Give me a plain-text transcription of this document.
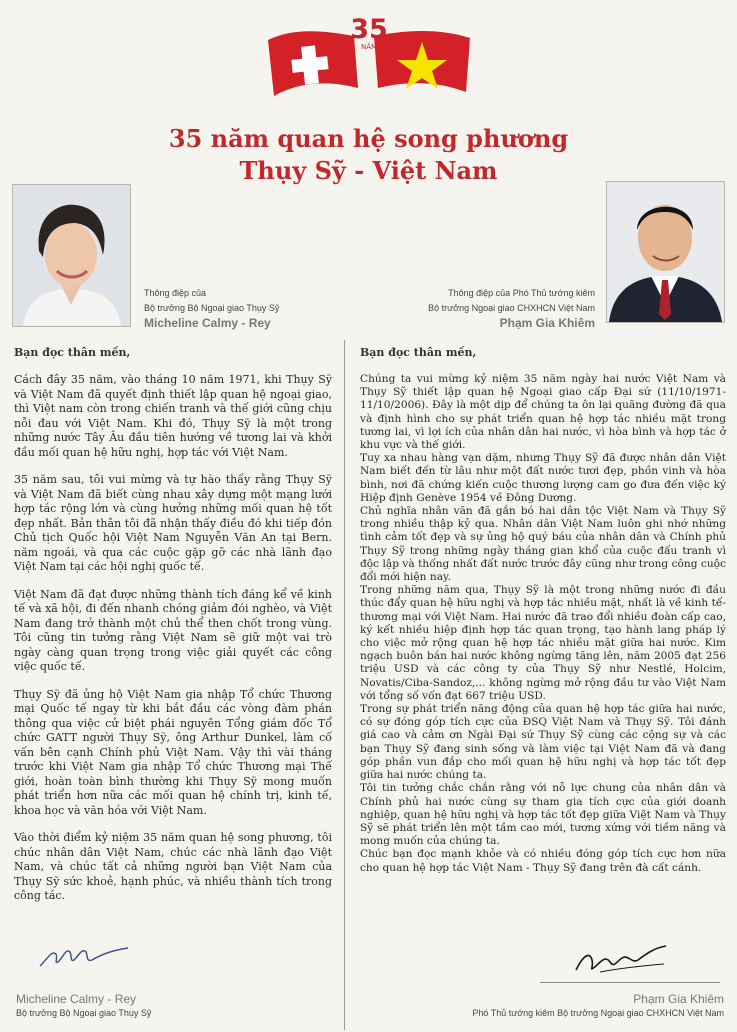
35
NĂM
35 năm quan hệ song phương
Thụy Sỹ - Việt Nam
Thông điệp của
Bộ trưởng Bộ Ngoại giao Thụy Sỹ
Micheline Calmy - Rey
Thông điệp của Phó Thủ tướng kiêm
Bộ trưởng Ngoại giao CHXHCN Việt Nam
Phạm Gia Khiêm
Bạn đọc thân mến,

Cách đây 35 năm, vào tháng 10 năm 1971, khi Thụy Sỹ và Việt Nam đã quyết định thiết lập quan hệ ngoại giao, thì Việt nam còn trong chiến tranh và thế giới cũng chịu nỗi đau với Việt Nam. Khi đó, Thụy Sỹ là một trong những nước Tây Âu đầu tiên hướng về tương lai và khởi đầu mối quan hệ hữu nghị, hợp tác với Việt Nam.

35 năm sau, tôi vui mừng và tự hào thấy rằng Thụy Sỹ và Việt Nam đã biết cùng nhau xây dựng một mạng lưới hợp tác rộng lớn và cùng hưởng những mối quan hệ tốt đẹp nhất. Bản thân tôi đã nhận thấy điều đó khi tiếp đón Chủ tịch Quốc hội Việt Nam Nguyễn Văn An tại Bern. năm ngoái, và qua các cuộc gặp gỡ các nhà lãnh đạo Việt Nam tại các hội nghị quốc tế.

Việt Nam đã đạt được những thành tích đáng kể về kinh tế và xã hội, đi đến nhanh chóng giảm đói nghèo, và Việt Nam đang trở thành một chủ thể then chốt trong vùng. Tôi cũng tin tưởng rằng Việt Nam sẽ giữ một vai trò ngày càng quan trọng trong việc giải quyết các công việc quốc tế.

Thụy Sỹ đã ủng hộ Việt Nam gia nhập Tổ chức Thương mại Quốc tế ngay từ khi bắt đầu các vòng đàm phán thông qua việc cử biệt phái nguyên Tổng giám đốc Tổ chức GATT người Thụy Sỹ, ông Arthur Dunkel, làm cố vấn bên cạnh Chính phủ Việt Nam. Vậy thì vài tháng trước khi Việt Nam gia nhập Tổ chức Thương mại Thế giới, hoàn toàn bình thường khi Thụy Sỹ mong muốn phát triển hơn nữa các mối quan hệ chính trị, kinh tế, khoa học và văn hóa với Việt Nam.

Vào thời điểm kỷ niệm 35 năm quan hệ song phương, tôi chúc nhân dân Việt Nam, chúc các nhà lãnh đạo Việt Nam, và chúc tất cả những người bạn Việt Nam của Thụy Sỹ sức khoẻ, hạnh phúc, và nhiều thành tích trong công tác.

Bạn đọc thân mến,

Chúng ta vui mừng kỷ niệm 35 năm ngày hai nước Việt Nam và Thụy Sỹ thiết lập quan hệ Ngoại giao cấp Đại sứ (11/10/1971-11/10/2006). Đây là một dịp để chúng ta ôn lại quãng đường đã qua và định hình cho sự phát triển quan hệ hợp tác nhiều mặt trong tương lai, vì lợi ích của nhân dân hai nước, vì hòa bình và hợp tác ở khu vực và thế giới.

Tuy xa nhau hàng vạn dặm, nhưng Thụy Sỹ đã được nhân dân Việt Nam biết đến từ lâu như một đất nước tươi đẹp, phồn vinh và hòa bình, nơi đã chứng kiến cuộc thương lượng cam go đưa đến việc ký Hiệp định Genève 1954 về Đông Dương.

Chủ nghĩa nhân văn đã gắn bó hai dân tộc Việt Nam và Thụy Sỹ trong nhiều thập kỷ qua. Nhân dân Việt Nam luôn ghi nhớ những tình cảm tốt đẹp và sự ủng hộ quý báu của nhân dân và Chính phủ Thụy Sỹ trong những ngày tháng gian khổ của cuộc đấu tranh vì độc lập và thống nhất đất nước trước đây cũng như trong công cuộc đổi mới hiện nay.

Trong những năm qua, Thụy Sỹ là một trong những nước đi đầu thúc đẩy quan hệ hữu nghị và hợp tác nhiều mặt, nhất là về kinh tế-thương mại với Việt Nam. Hai nước đã trao đổi nhiều đoàn cấp cao, ký kết nhiều hiệp định hợp tác quan trọng, tạo hành lang pháp lý cho việc mở rộng quan hệ hợp tác nhiều mặt giữa hai nước. Kim ngạch buôn bán hai nước không ngừng tăng lên, năm 2005 đạt 256 triệu USD và các công ty của Thụy Sỹ như Nestlé, Holcim, Novatis/Ciba-Sandoz,... không ngừng mở rộng đầu tư vào Việt Nam với tổng số vốn đạt 667 triệu USD.

Trong sự phát triển năng động của quan hệ hợp tác giữa hai nước, có sự đóng góp tích cực của ĐSQ Việt Nam và Thụy Sỹ. Tôi đánh giá cao và cảm ơn Ngài Đại sứ Thụy Sỹ cùng các cộng sự và các bạn Thụy Sỹ đang sinh sống và làm việc tại Việt Nam đã và đang góp phần vun đắp cho mối quan hệ hữu nghị và hợp tác tốt đẹp giữa hai nước chúng ta.

Tôi tin tưởng chắc chắn rằng với nỗ lực chung của nhân dân và Chính phủ hai nước cùng sự tham gia tích cực của giới doanh nghiệp, quan hệ hữu nghị và hợp tác tốt đẹp giữa Việt Nam và Thụy Sỹ sẽ phát triển lên một tầm cao mới, tương xứng với tiềm năng và mong muốn của chúng ta.

Chúc bạn đọc mạnh khỏe và có nhiều đóng góp tích cực hơn nữa cho quan hệ hợp tác Việt Nam - Thụy Sỹ đang trên đà cất cánh.

Micheline Calmy - Rey
Bộ trưởng Bộ Ngoại giao Thụy Sỹ
Phạm Gia Khiêm
Phó Thủ tướng kiêm Bộ trưởng Ngoại giao CHXHCN Việt Nam
